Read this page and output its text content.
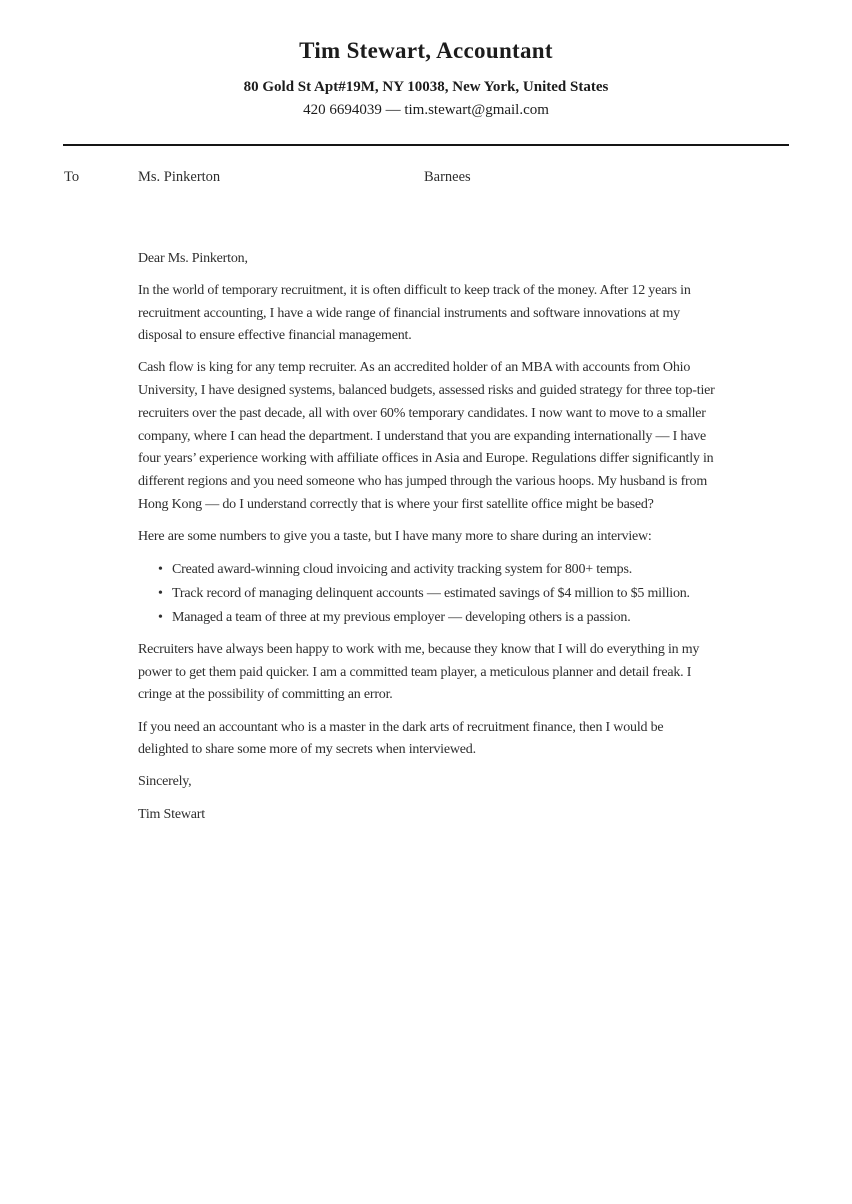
Tim Stewart, Accountant
80 Gold St Apt#19M, NY 10038, New York, United States
420 6694039 — tim.stewart@gmail.com
To	Ms. Pinkerton	Barnees

Dear Ms. Pinkerton,

In the world of temporary recruitment, it is often difficult to keep track of the money. After 12 years in recruitment accounting, I have a wide range of financial instruments and software innovations at my disposal to ensure effective financial management.

Cash flow is king for any temp recruiter. As an accredited holder of an MBA with accounts from Ohio University, I have designed systems, balanced budgets, assessed risks and guided strategy for three top-tier recruiters over the past decade, all with over 60% temporary candidates. I now want to move to a smaller company, where I can head the department. I understand that you are expanding internationally — I have four years’ experience working with affiliate offices in Asia and Europe. Regulations differ significantly in different regions and you need someone who has jumped through the various hoops. My husband is from Hong Kong — do I understand correctly that is where your first satellite office might be based?

Here are some numbers to give you a taste, but I have many more to share during an interview:

• Created award-winning cloud invoicing and activity tracking system for 800+ temps.
• Track record of managing delinquent accounts — estimated savings of $4 million to $5 million.
• Managed a team of three at my previous employer — developing others is a passion.

Recruiters have always been happy to work with me, because they know that I will do everything in my power to get them paid quicker. I am a committed team player, a meticulous planner and detail freak. I cringe at the possibility of committing an error.

If you need an accountant who is a master in the dark arts of recruitment finance, then I would be delighted to share some more of my secrets when interviewed.

Sincerely,

Tim Stewart
